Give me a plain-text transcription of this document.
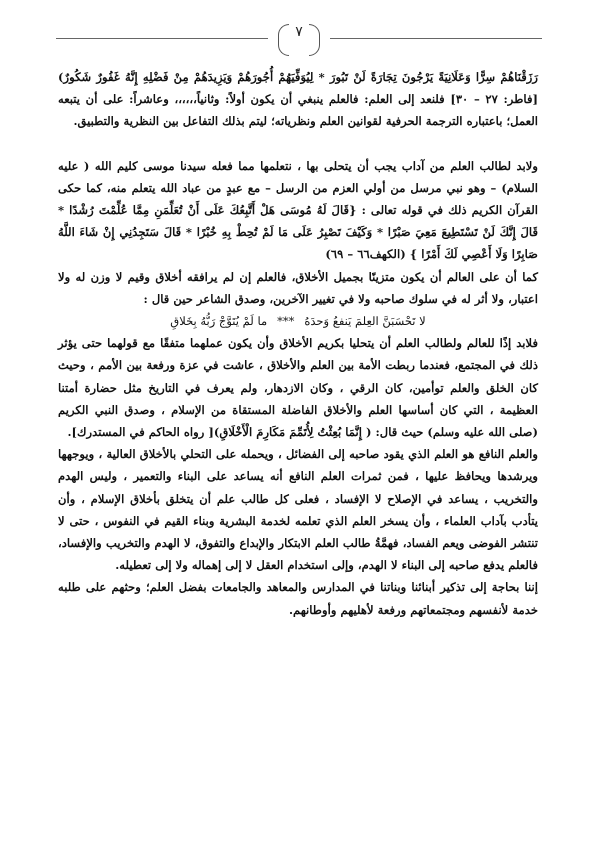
٧

رَزَقْنَاهُمْ سِرًّا وَعَلَانِيَةً يَرْجُونَ تِجَارَةً لَنْ تَبُورَ * لِيُوَفِّيَهُمْ أُجُورَهُمْ وَيَزِيدَهُمْ مِنْ فَضْلِهِ إِنَّهُ غَفُورٌ شَكُورٌ) [فاطر: ٢٧ – ٣٠] فلنعد إلى العلم: فالعلم ينبغي أن يكون أولاً: وثانياً،،،،،، وعاشراً: على أن يتبعه العمل؛ باعتباره الترجمة الحرفية لقوانين العلم ونظرياته؛ ليتم بذلك التفاعل بين النظرية والتطبيق.

ولابد لطالب العلم من آداب يجب أن يتحلى بها ، نتعلمها مما فعله سيدنا موسى كليم الله ( عليه السلام) – وهو نبي مرسل من أولي العزم من الرسل – مع عبدٍ من عباد الله يتعلم منه، كما حكى القرآن الكريم ذلك في قوله تعالى : {قَالَ لَهُ مُوسَى هَلْ أَتَّبِعُكَ عَلَى أَنْ تُعَلِّمَنِ مِمَّا عُلِّمْتَ رُشْدًا * قَالَ إِنَّكَ لَنْ تَسْتَطِيعَ مَعِيَ صَبْرًا * وَكَيْفَ تَصْبِرُ عَلَى مَا لَمْ تُحِطْ بِهِ خُبْرًا * قَالَ سَتَجِدُنِي إِنْ شَاءَ اللَّهُ صَابِرًا وَلَا أَعْصِي لَكَ أَمْرًا } (الكهف٦٦ – ٦٩)

كما أن على العالم أن يكون متزينًا بجميل الأخلاق، فالعلم إن لم يرافقه أخلاق وقيم لا وزن له ولا اعتبار، ولا أثر له في سلوك صاحبه ولا في تغيير الآخرين، وصدق الشاعر حين قال :

لا تَحْسَبَنَّ العِلمَ يَنفعُ وَحدَهُ***ما لَمْ يُتَوَّجْ رَبُّهُ بِخَلاقِ

فلابد إذًا للعالم ولطالب العلم أن يتحليا بكريم الأخلاق وأن يكون عملهما متفقًا مع قولهما حتى يؤثر ذلك في المجتمع، فعندما ربطت الأمة بين العلم والأخلاق ، عاشت في عزة ورفعة بين الأمم ، وحيث كان الخلق والعلم توأمين، كان الرقي ، وكان الازدهار، ولم يعرف في التاريخ مثل حضارة أمتنا العظيمة ، التي كان أساسها العلم والأخلاق الفاضلة المستقاة من الإسلام ، وصدق النبي الكريم (صلى الله عليه وسلم) حيث قال: ( إِنَّمَا بُعِثْتُ لِأُتَمِّمَ مَكَارِمَ الْأَخْلَاقِ)[ رواه الحاكم في المستدرك].

والعلم النافع هو العلم الذي يقود صاحبه إلى الفضائل ، ويحمله على التحلي بالأخلاق العالية ، ويوجهها ويرشدها ويحافظ عليها ، فمن ثمرات العلم النافع أنه يساعد على البناء والتعمير ، وليس الهدم والتخريب ، يساعد في الإصلاح لا الإفساد ، فعلى كل طالب علم أن يتخلق بأخلاق الإسلام ، وأن يتأدب بآداب العلماء ، وأن يسخر العلم الذي تعلمه لخدمة البشرية وبناء القيم في النفوس ، حتى لا تنتشر الفوضى ويعم الفساد، فهمَّةُ طالب العلم الابتكار والإبداع والتفوق، لا الهدم والتخريب والإفساد، فالعلم يدفع صاحبه إلى البناء لا الهدم، وإلى استخدام العقل لا إلى إهماله ولا إلى تعطيله.

إننا بحاجة إلى تذكير أبنائنا وبناتنا في المدارس والمعاهد والجامعات بفضل العلم؛ وحثهم على طلبه خدمة لأنفسهم ومجتمعاتهم ورفعة لأهليهم وأوطانهم.
